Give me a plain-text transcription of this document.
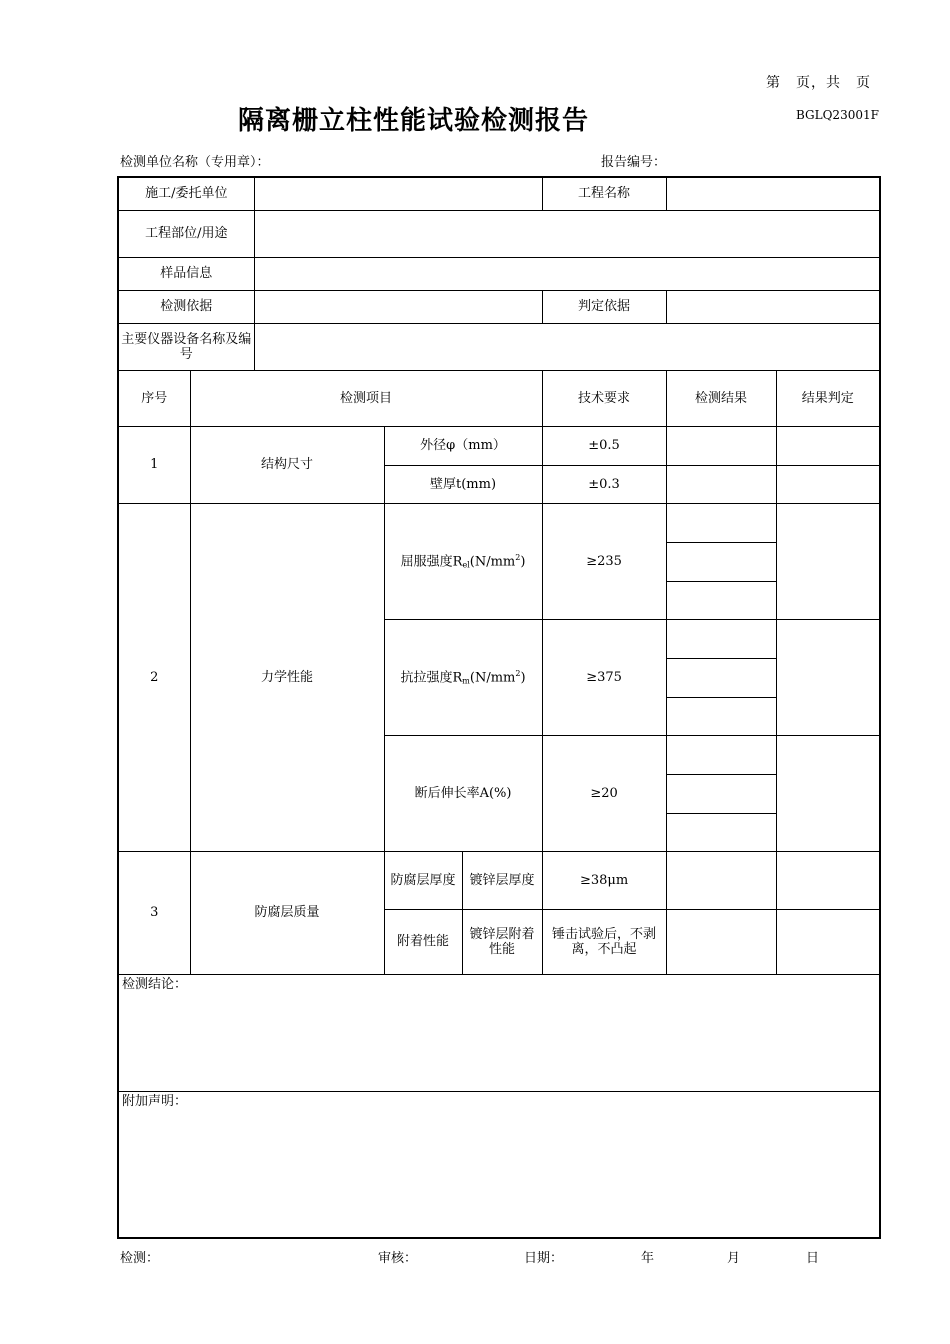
第　页，共　页
隔离栅立柱性能试验检测报告	BGLQ23001F
检测单位名称（专用章）：	报告编号：
施工/委托单位					工程名称		
工程部位/用途							
样品信息							
检测依据					判定依据		
主要仪器设备名称及编号							
序号	检测项目				技术要求	检测结果	结果判定
1	结构尺寸		外径φ（mm）		±0.5		
			壁厚t(mm)		±0.3		
2	力学性能		屈服强度$R_{el}(N/mm^2)$		≥235		

			抗拉强度$R_m(N/mm^2)$		≥375		

			断后伸长率A(%)		≥20		

3	防腐层质量		防腐层厚度	镀锌层厚度	≥38μm		
			附着性能	镀锌层附着性能	锤击试验后，不剥离，不凸起		
检测结论：							
附加声明：							
检测：	审核：	日期：	年	月	日
